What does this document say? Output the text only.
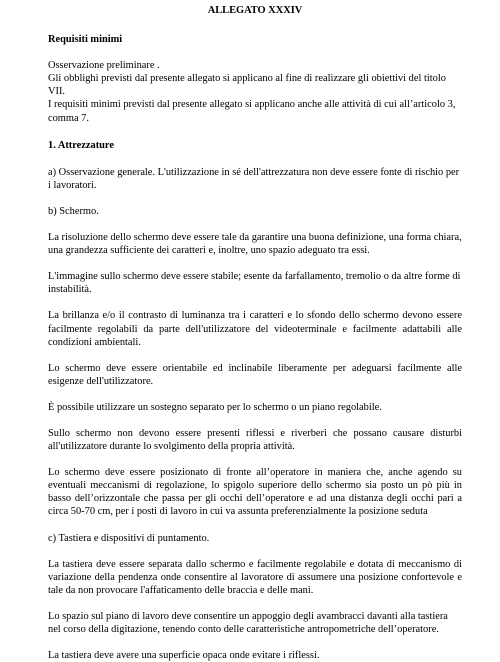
ALLEGATO XXXIV
Requisiti minimi

Osservazione preliminare .
Gli obblighi previsti dal presente allegato si applicano al fine di realizzare gli obiettivi del titolo VII.
I requisiti minimi previsti dal presente allegato si applicano anche alle attività di cui all’articolo 3, comma 7.

1. Attrezzature

a) Osservazione generale. L'utilizzazione in sé dell'attrezzatura non deve essere fonte di rischio per i lavoratori.

b) Schermo.

La risoluzione dello schermo deve essere tale da garantire una buona definizione, una forma chiara, una grandezza sufficiente dei caratteri e, inoltre, uno spazio adeguato tra essi.

L'immagine sullo schermo deve essere stabile; esente da farfallamento, tremolio o da altre forme di instabilità.

La brillanza e/o il contrasto di luminanza tra i caratteri e lo sfondo dello schermo devono essere facilmente regolabili da parte dell'utilizzatore del videoterminale e facilmente adattabili alle condizioni ambientali.

Lo schermo deve essere orientabile ed inclinabile liberamente per adeguarsi facilmente alle esigenze dell'utilizzatore.

È possibile utilizzare un sostegno separato per lo schermo o un piano regolabile.

Sullo schermo non devono essere presenti riflessi e riverberi che possano causare disturbi all'utilizzatore durante lo svolgimento della propria attività.

Lo schermo deve essere posizionato di fronte all’operatore in maniera che, anche agendo su eventuali meccanismi di regolazione, lo spigolo superiore dello schermo sia posto un pò più in basso dell’orizzontale che passa per gli occhi dell’operatore e ad una distanza degli occhi pari a circa 50-70 cm, per i posti di lavoro in cui va assunta preferenzialmente la posizione seduta

c) Tastiera e dispositivi di puntamento.

La tastiera deve essere separata dallo schermo e facilmente regolabile e dotata di meccanismo di variazione della pendenza onde consentire al lavoratore di assumere una posizione confortevole e tale da non provocare l'affaticamento delle braccia e delle mani.

Lo spazio sul piano di lavoro deve consentire un appoggio degli avambracci davanti alla tastiera nel corso della digitazione, tenendo conto delle caratteristiche antropometriche dell’operatore.

La tastiera deve avere una superficie opaca onde evitare i riflessi.
